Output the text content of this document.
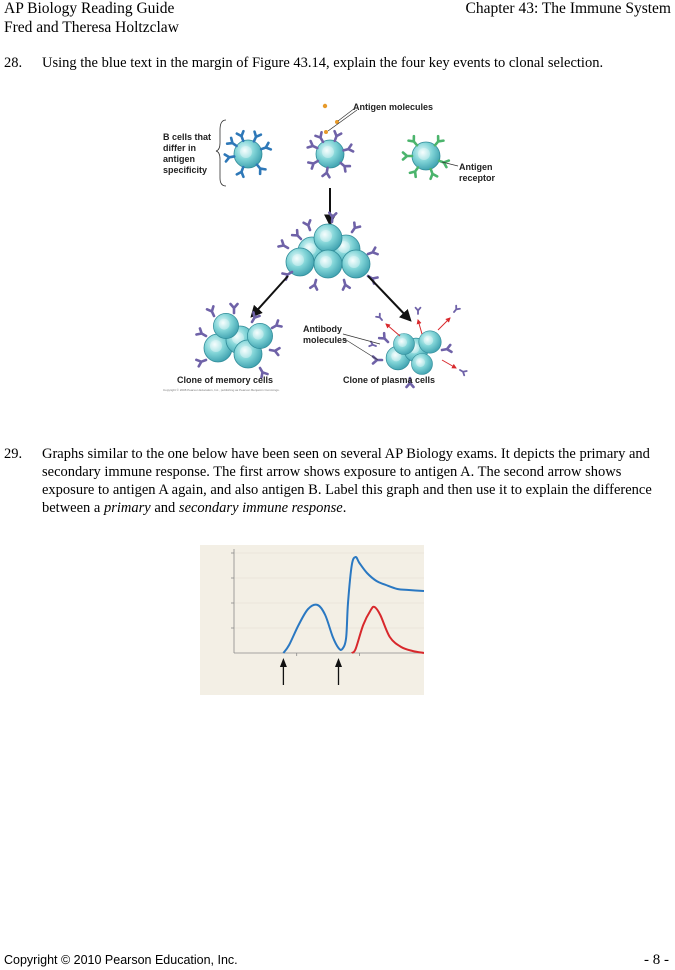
AP Biology Reading Guide
Fred and Theresa Holtzclaw
Chapter 43: The Immune System
28. Using the blue text in the margin of Figure 43.14, explain the four key events to clonal selection.
B cells that
differ in
antigen
specificity
Antigen molecules
Antigen
receptor
Antibody
molecules
Clone of memory cells	Clone of plasma cells
Copyright © 2008 Pearson Education, Inc., publishing as Pearson Benjamin Cummings.
29. Graphs similar to the one below have been seen on several AP Biology exams. It depicts the primary and secondary immune response. The first arrow shows exposure to antigen A. The second arrow shows exposure to antigen A again, and also antigen B. Label this graph and then use it to explain the difference between a primary and secondary immune response.
Copyright © 2010 Pearson Education, Inc.	- 8 -
